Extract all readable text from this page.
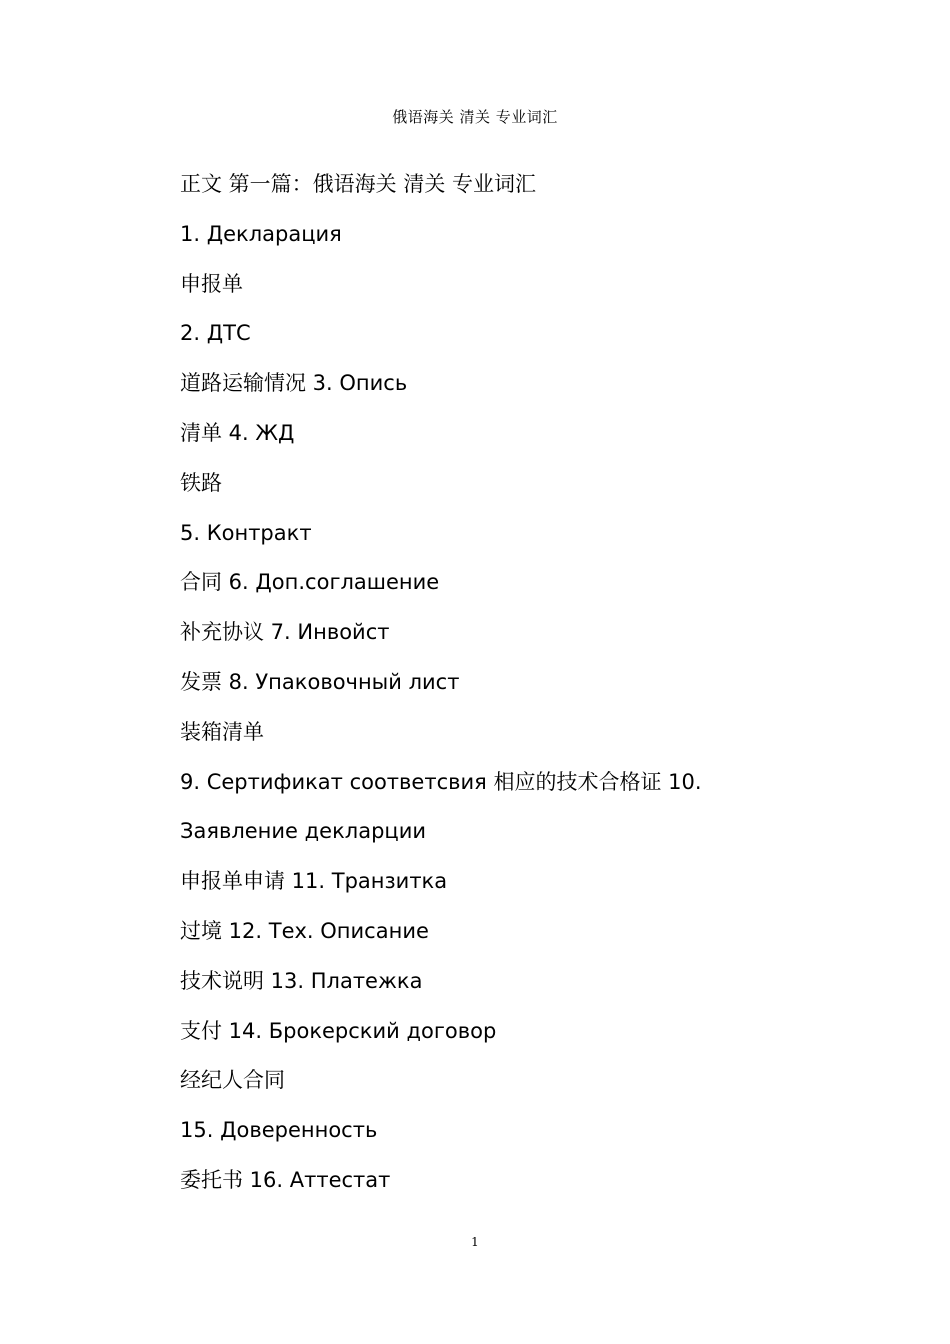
俄语海关 清关 专业词汇
正文 第一篇：俄语海关 清关 专业词汇
1. Декларация
申报单
2. ДТС
道路运输情况 3. Опись
清单 4. ЖД
铁路
5. Контракт
合同 6. Доп.соглашение
补充协议 7. Инвойст
发票 8. Упаковочный лист
装箱清单
9. Сертификат соответсвия 相应的技术合格证 10.
Заявление декларции
申报单申请 11. Транзитка
过境 12. Тех. Описание
技术说明 13. Платежка
支付 14. Брокерский договор
经纪人合同
15. Доверенность
委托书 16. Аттестат
1
